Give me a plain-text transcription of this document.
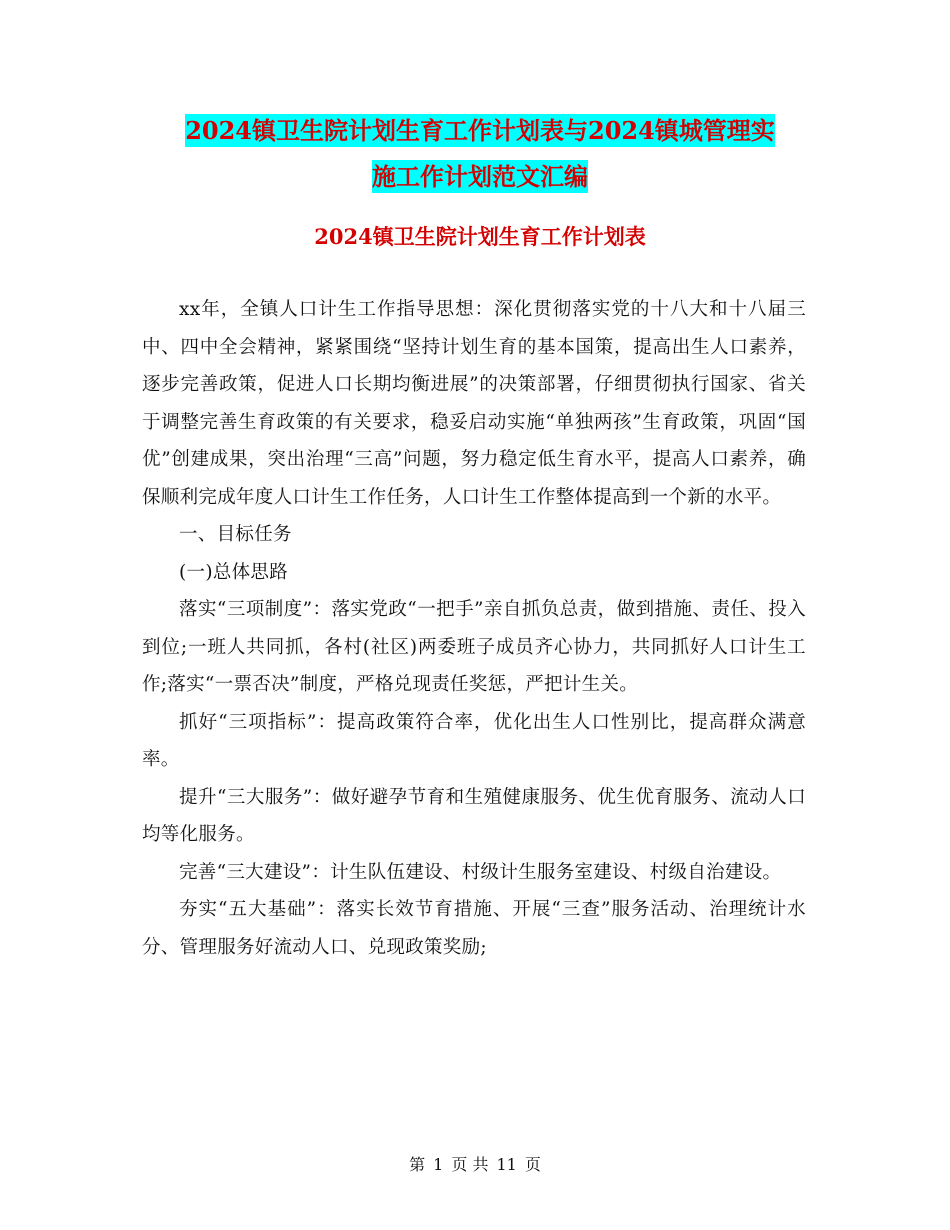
2024镇卫生院计划生育工作计划表与2024镇城管理实
施工作计划范文汇编
2024镇卫生院计划生育工作计划表

xx年，全镇人口计生工作指导思想：深化贯彻落实党的十八大和十八届三中、四中全会精神，紧紧围绕“坚持计划生育的基本国策，提高出生人口素养，逐步完善政策，促进人口长期均衡进展”的决策部署，仔细贯彻执行国家、省关于调整完善生育政策的有关要求，稳妥启动实施“单独两孩”生育政策，巩固“国优”创建成果，突出治理“三高”问题，努力稳定低生育水平，提高人口素养，确保顺利完成年度人口计生工作任务，人口计生工作整体提高到一个新的水平。

一、目标任务

(一)总体思路

落实“三项制度”：落实党政“一把手”亲自抓负总责，做到措施、责任、投入到位;一班人共同抓，各村(社区)两委班子成员齐心协力，共同抓好人口计生工作;落实“一票否决”制度，严格兑现责任奖惩，严把计生关。

抓好“三项指标”：提高政策符合率，优化出生人口性别比，提高群众满意率。

提升“三大服务”：做好避孕节育和生殖健康服务、优生优育服务、流动人口均等化服务。

完善“三大建设”：计生队伍建设、村级计生服务室建设、村级自治建设。

夯实“五大基础”：落实长效节育措施、开展“三查”服务活动、治理统计水分、管理服务好流动人口、兑现政策奖励;

第 1 页 共 11 页
